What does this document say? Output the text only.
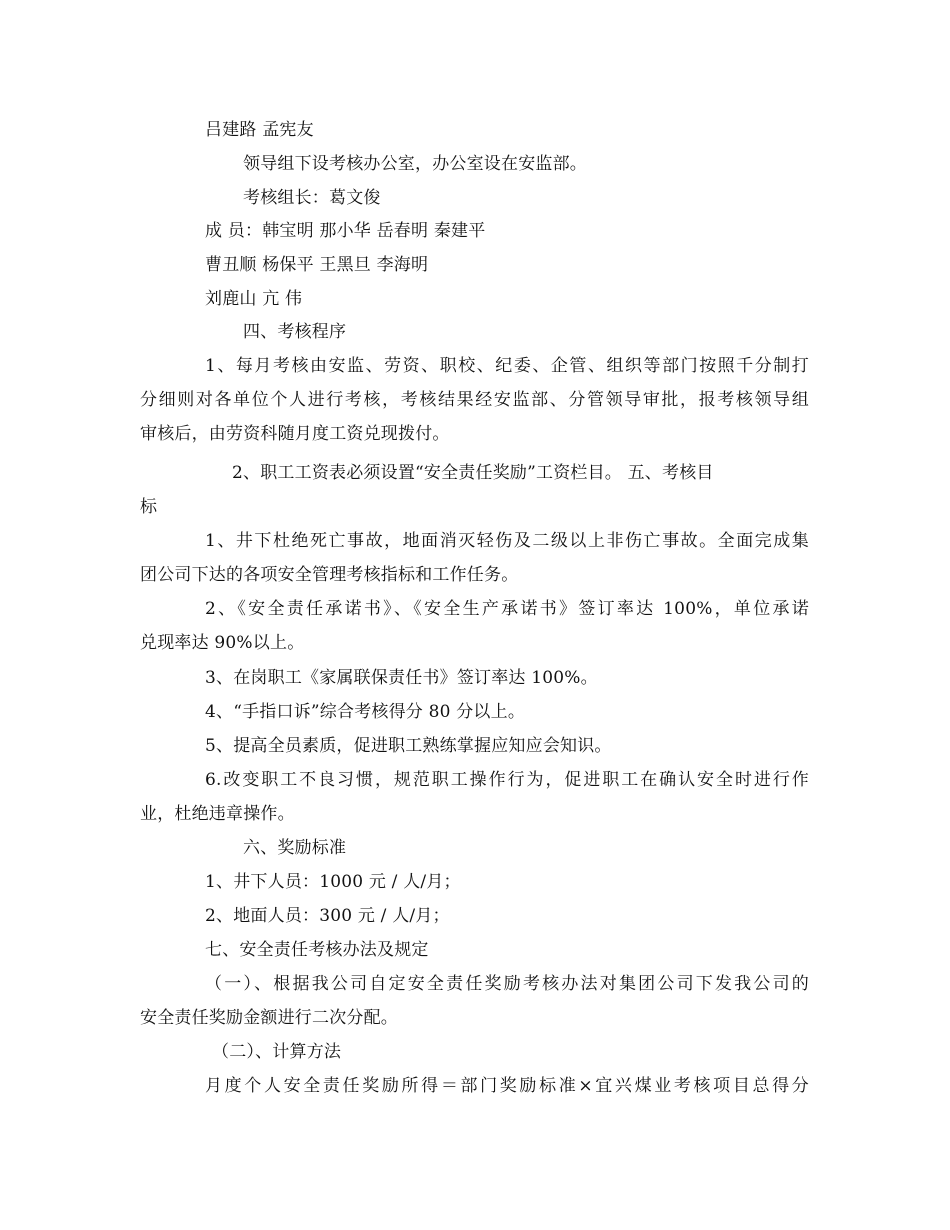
吕建路 孟宪友
领导组下设考核办公室，办公室设在安监部。
考核组长：葛文俊
成 员：韩宝明 那小华 岳春明 秦建平
曹丑顺 杨保平 王黑旦 李海明
刘鹿山 亢 伟
四、考核程序
1、每月考核由安监、劳资、职校、纪委、企管、组织等部门按照千分制打
分细则对各单位个人进行考核，考核结果经安监部、分管领导审批，报考核领导组
审核后，由劳资科随月度工资兑现拨付。
2、职工工资表必须设置“安全责任奖励”工资栏目。 五、考核目
标
1、井下杜绝死亡事故，地面消灭轻伤及二级以上非伤亡事故。全面完成集
团公司下达的各项安全管理考核指标和工作任务。
2、《安全责任承诺书》、《安全生产承诺书》签订率达 100%，单位承诺
兑现率达 90%以上。
3、在岗职工《家属联保责任书》签订率达 100%。
4、“手指口诉”综合考核得分 80 分以上。
5、提高全员素质，促进职工熟练掌握应知应会知识。
6.改变职工不良习惯，规范职工操作行为，促进职工在确认安全时进行作
业，杜绝违章操作。
六、奖励标准
1、井下人员：1000 元 / 人/月；
2、地面人员：300 元 / 人/月；
七、安全责任考核办法及规定
（一）、根据我公司自定安全责任奖励考核办法对集团公司下发我公司的
安全责任奖励金额进行二次分配。
（二）、计算方法
月度个人安全责任奖励所得＝部门奖励标准×宜兴煤业考核项目总得分
